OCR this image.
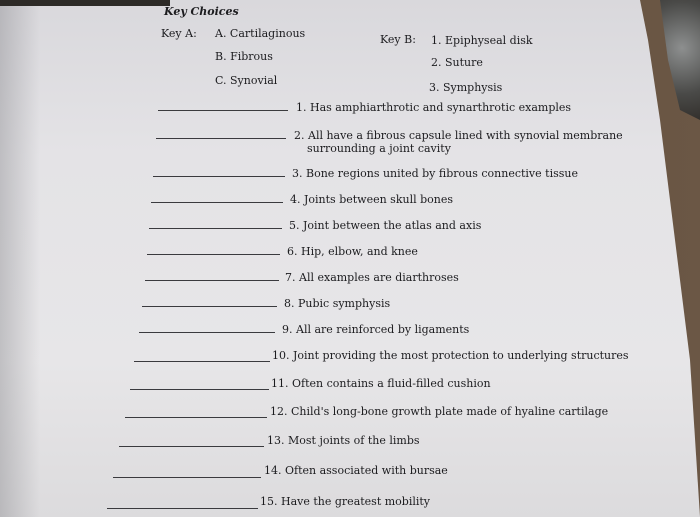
Key Choices
Key A: A. Cartilaginous
B. Fibrous
C. Synovial
Key B: 1. Epiphyseal disk
2. Suture
3. Symphysis
1. Has amphiarthrotic and synarthrotic examples
2. All have a fibrous capsule lined with synovial membrane
surrounding a joint cavity
3. Bone regions united by fibrous connective tissue
4. Joints between skull bones
5. Joint between the atlas and axis
6. Hip, elbow, and knee
7. All examples are diarthroses
8. Pubic symphysis
9. All are reinforced by ligaments
10. Joint providing the most protection to underlying structures
11. Often contains a fluid-filled cushion
12. Child's long-bone growth plate made of hyaline cartilage
13. Most joints of the limbs
14. Often associated with bursae
15. Have the greatest mobility
